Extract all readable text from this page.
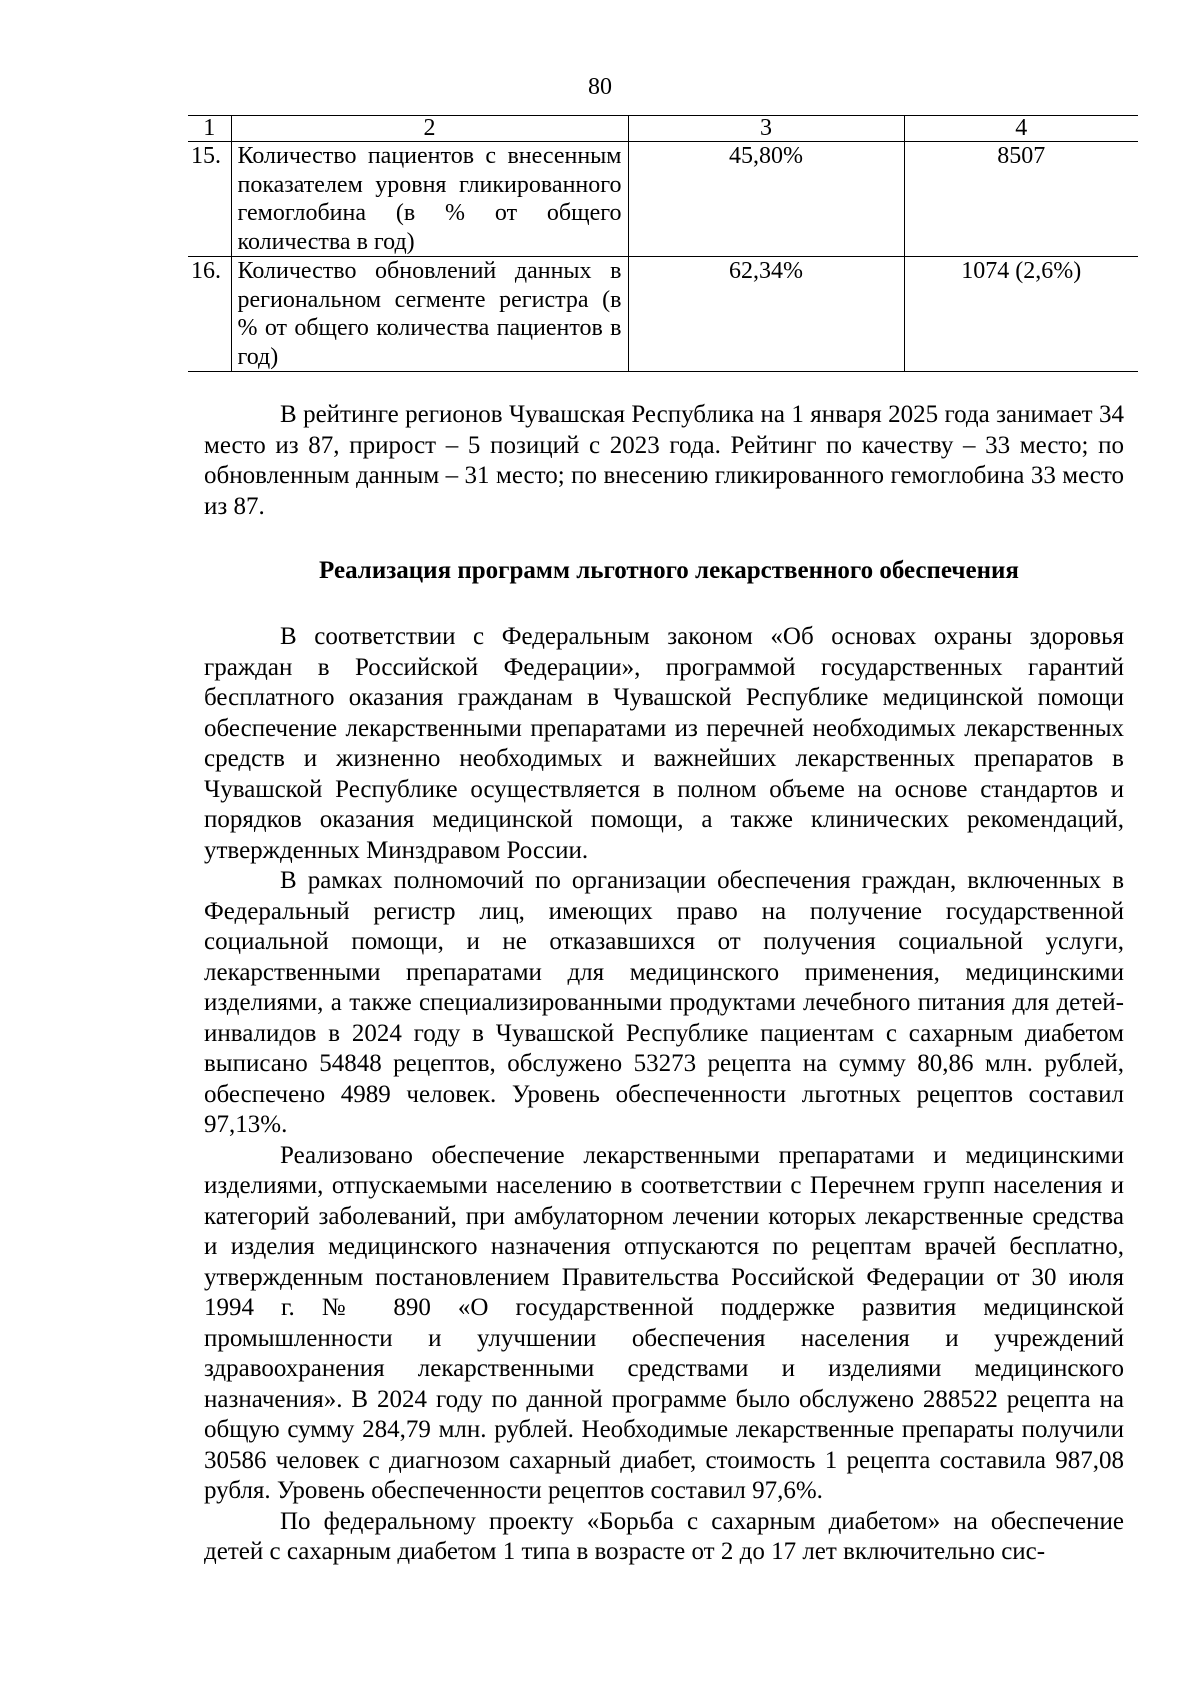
80
1	2	3	4
15.	Количество пациентов с внесенным показателем уровня гликированного гемоглобина (в % от общего количества в год)	45,80%	8507
16.	Количество обновлений данных в региональном сегменте регистра (в % от общего количества пациентов в год)	62,34%	1074 (2,6%)

В рейтинге регионов Чувашская Республика на 1 января 2025 года занимает 34 место из 87, прирост – 5 позиций с 2023 года. Рейтинг по качеству – 33 место; по обновленным данным – 31 место; по внесению гликированного гемоглобина 33 место из 87.

Реализация программ льготного лекарственного обеспечения

В соответствии с Федеральным законом «Об основах охраны здоровья граждан в Российской Федерации», программой государственных гарантий бесплатного оказания гражданам в Чувашской Республике медицинской помощи обеспечение лекарственными препаратами из перечней необходимых лекарственных средств и жизненно необходимых и важнейших лекарственных препаратов в Чувашской Республике осуществляется в полном объеме на основе стандартов и порядков оказания медицинской помощи, а также клинических рекомендаций, утвержденных Минздравом России.

В рамках полномочий по организации обеспечения граждан, включенных в Федеральный регистр лиц, имеющих право на получение государственной социальной помощи, и не отказавшихся от получения социальной услуги, лекарственными препаратами для медицинского применения, медицинскими изделиями, а также специализированными продуктами лечебного питания для детей-инвалидов в 2024 году в Чувашской Республике пациентам с сахарным диабетом выписано 54848 рецептов, обслужено 53273 рецепта на сумму 80,86 млн. рублей, обеспечено 4989 человек. Уровень обеспеченности льготных рецептов составил 97,13%.

Реализовано обеспечение лекарственными препаратами и медицинскими изделиями, отпускаемыми населению в соответствии с Перечнем групп населения и категорий заболеваний, при амбулаторном лечении которых лекарственные средства и изделия медицинского назначения отпускаются по рецептам врачей бесплатно, утвержденным постановлением Правительства Российской Федерации от 30 июля 1994 г. № 890 «О государственной поддержке развития медицинской промышленности и улучшении обеспечения населения и учреждений здравоохранения лекарственными средствами и изделиями медицинского назначения». В 2024 году по данной программе было обслужено 288522 рецепта на общую сумму 284,79 млн. рублей. Необходимые лекарственные препараты получили 30586 человек с диагнозом сахарный диабет, стоимость 1 рецепта составила 987,08 рубля. Уровень обеспеченности рецептов составил 97,6%.

По федеральному проекту «Борьба с сахарным диабетом» на обеспечение детей с сахарным диабетом 1 типа в возрасте от 2 до 17 лет включительно сис-
